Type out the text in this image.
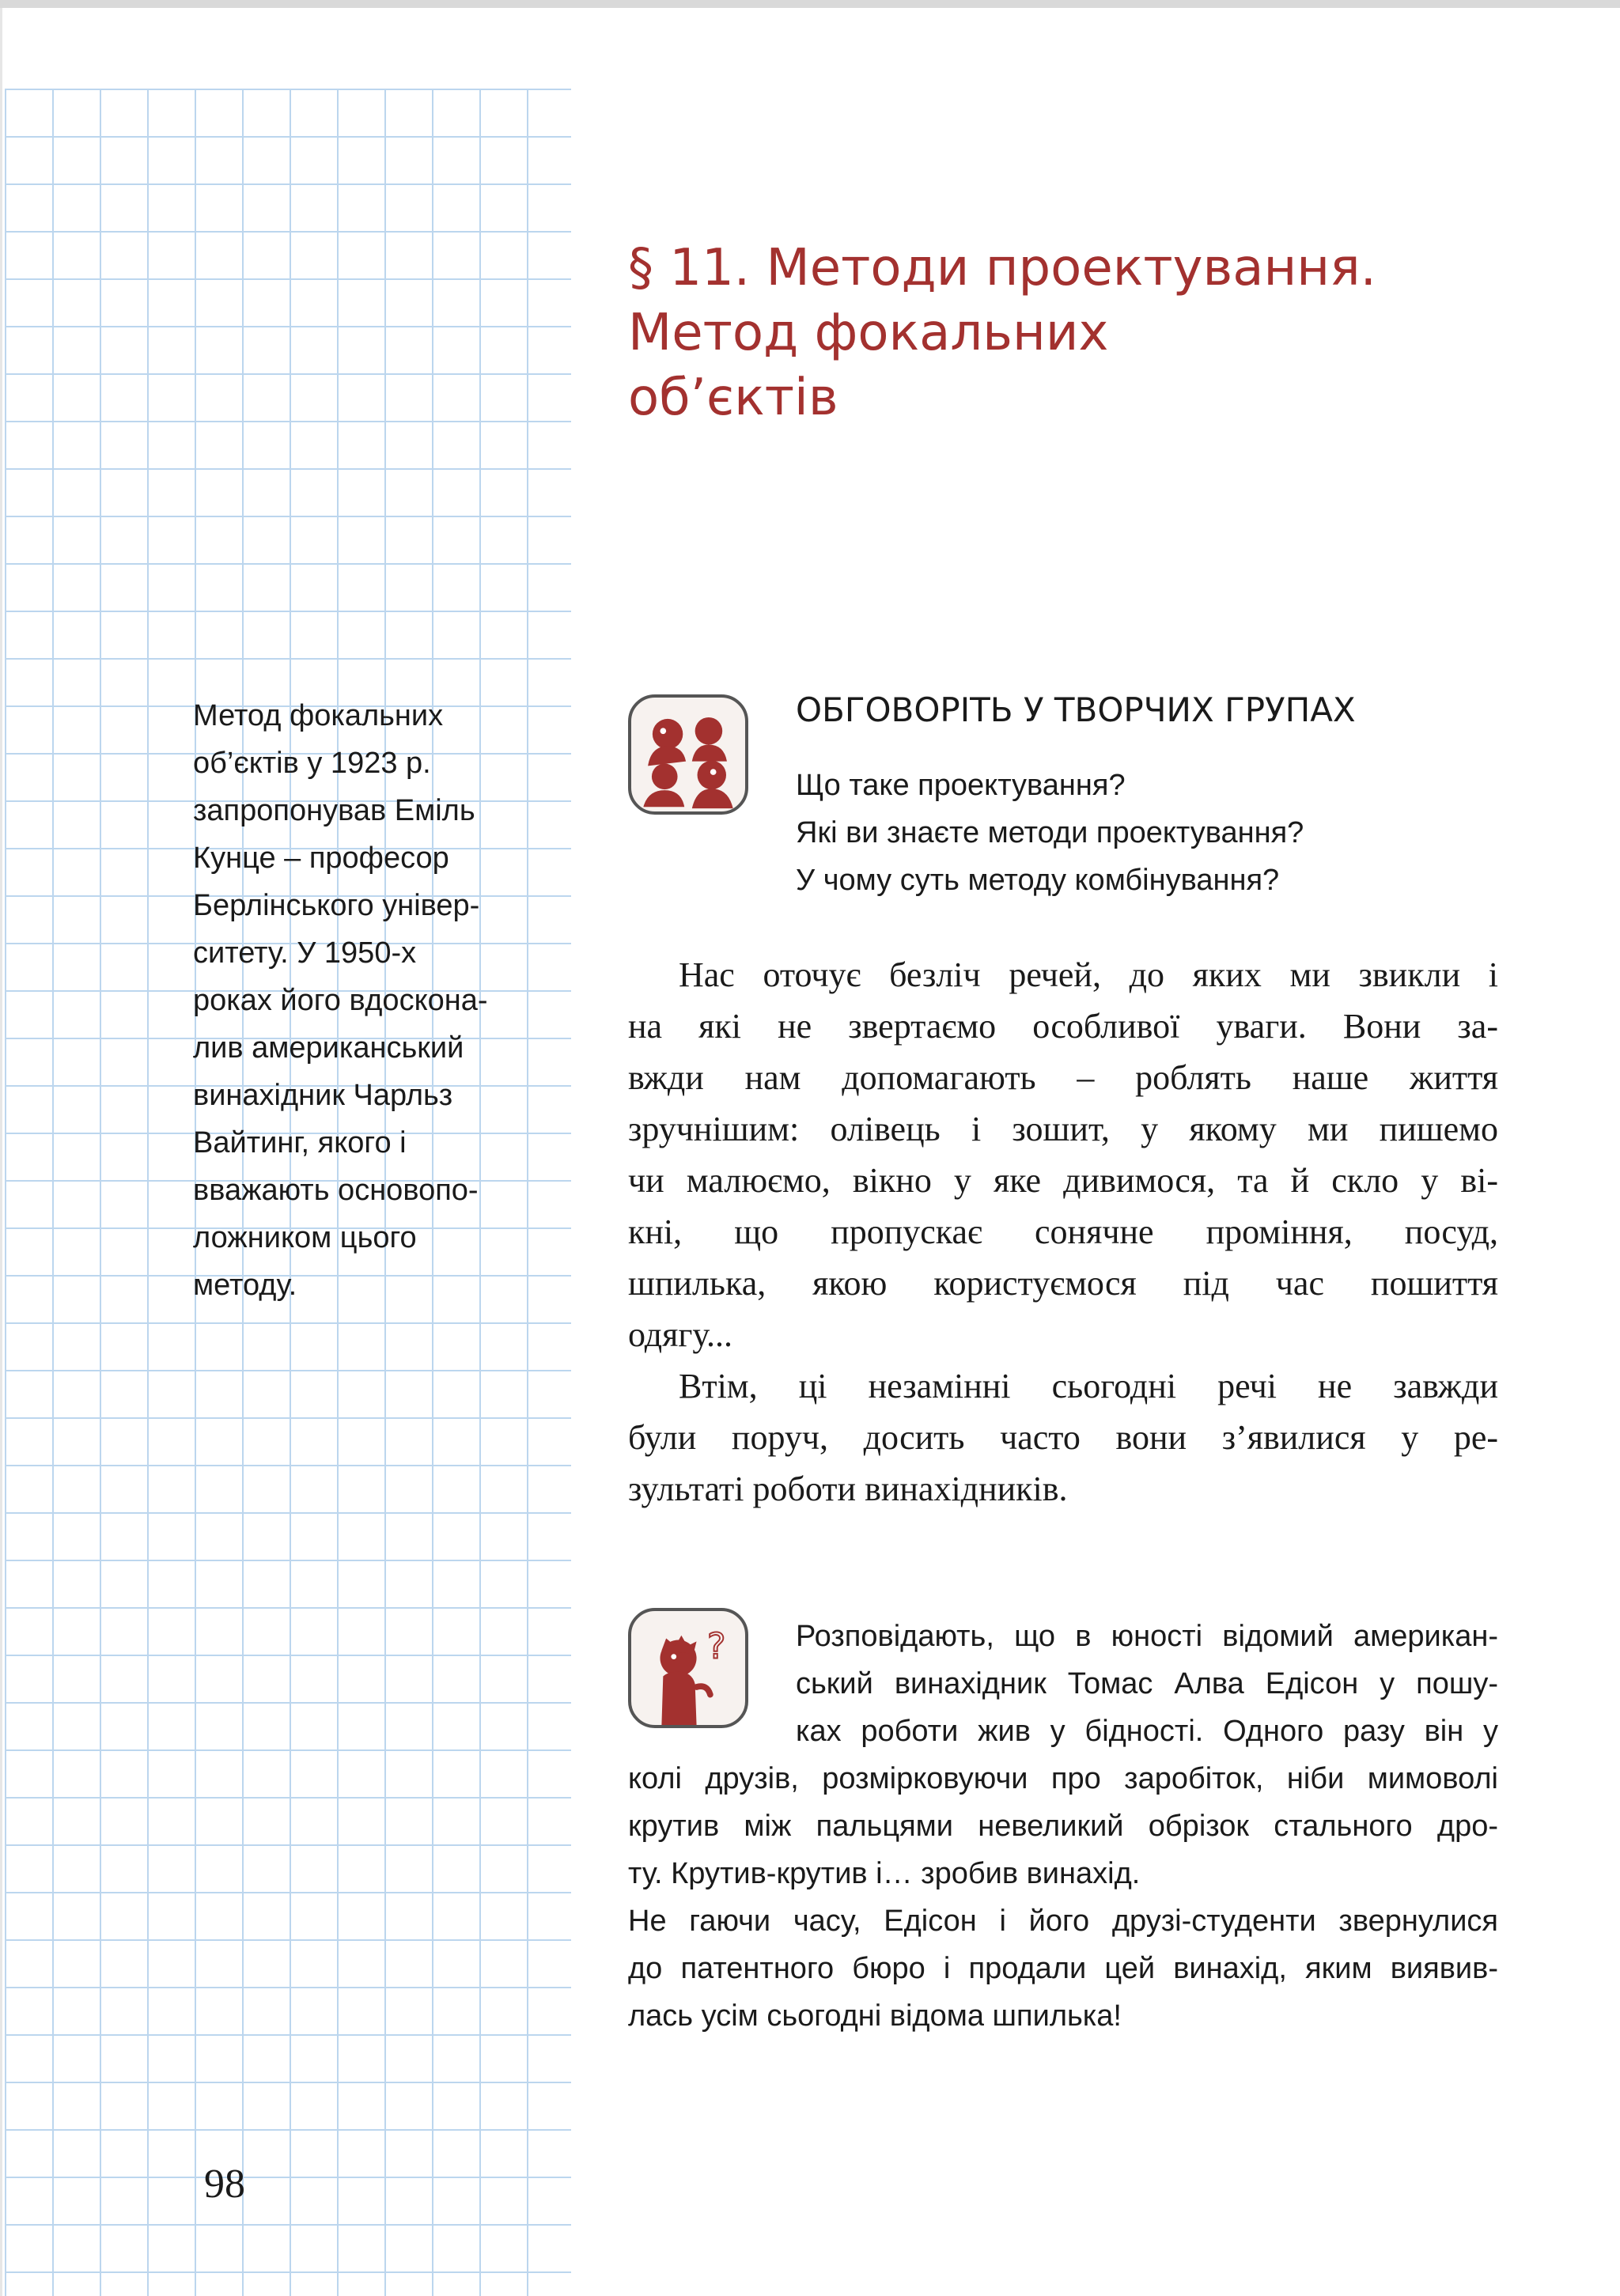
§ 11. Методи проектування.
Метод фокальних
об’єктів
Метод фокальних
об’єктів у 1923 р.
запропонував Еміль
Кунце – професор
Берлінського універ-
ситету. У 1950-х
роках його вдоскона-
лив американський
винахідник Чарльз
Вайтинг, якого і
вважають основопо-
ложником цього
методу.
ОБГОВОРІТЬ У ТВОРЧИХ ГРУПАХ
Що таке проектування?
Які ви знаєте методи проектування?
У чому суть методу комбінування?
Нас оточує безліч речей, до яких ми звикли і
на які не звертаємо особливої уваги. Вони за-
вжди нам допомагають – роблять наше життя
зручнішим: олівець і зошит, у якому ми пишемо
чи малюємо, вікно у яке дивимося, та й скло у ві-
кні, що пропускає сонячне проміння, посуд,
шпилька, якою користуємося під час пошиття
одягу...
Втім, ці незамінні сьогодні речі не завжди
були поруч, досить часто вони з’явилися у ре-
зультаті роботи винахідників.
?	Розповідають, що в юності відомий американ-
ський винахідник Томас Алва Едісон у пошу-
ках роботи жив у бідності. Одного разу він у
колі друзів, розмірковуючи про заробіток, ніби мимоволі
крутив між пальцями невеликий обрізок стального дро-
ту. Крутив-крутив і… зробив винахід.
Не гаючи часу, Едісон і його друзі-студенти звернулися
до патентного бюро і продали цей винахід, яким виявив-
лась усім сьогодні відома шпилька!
98
